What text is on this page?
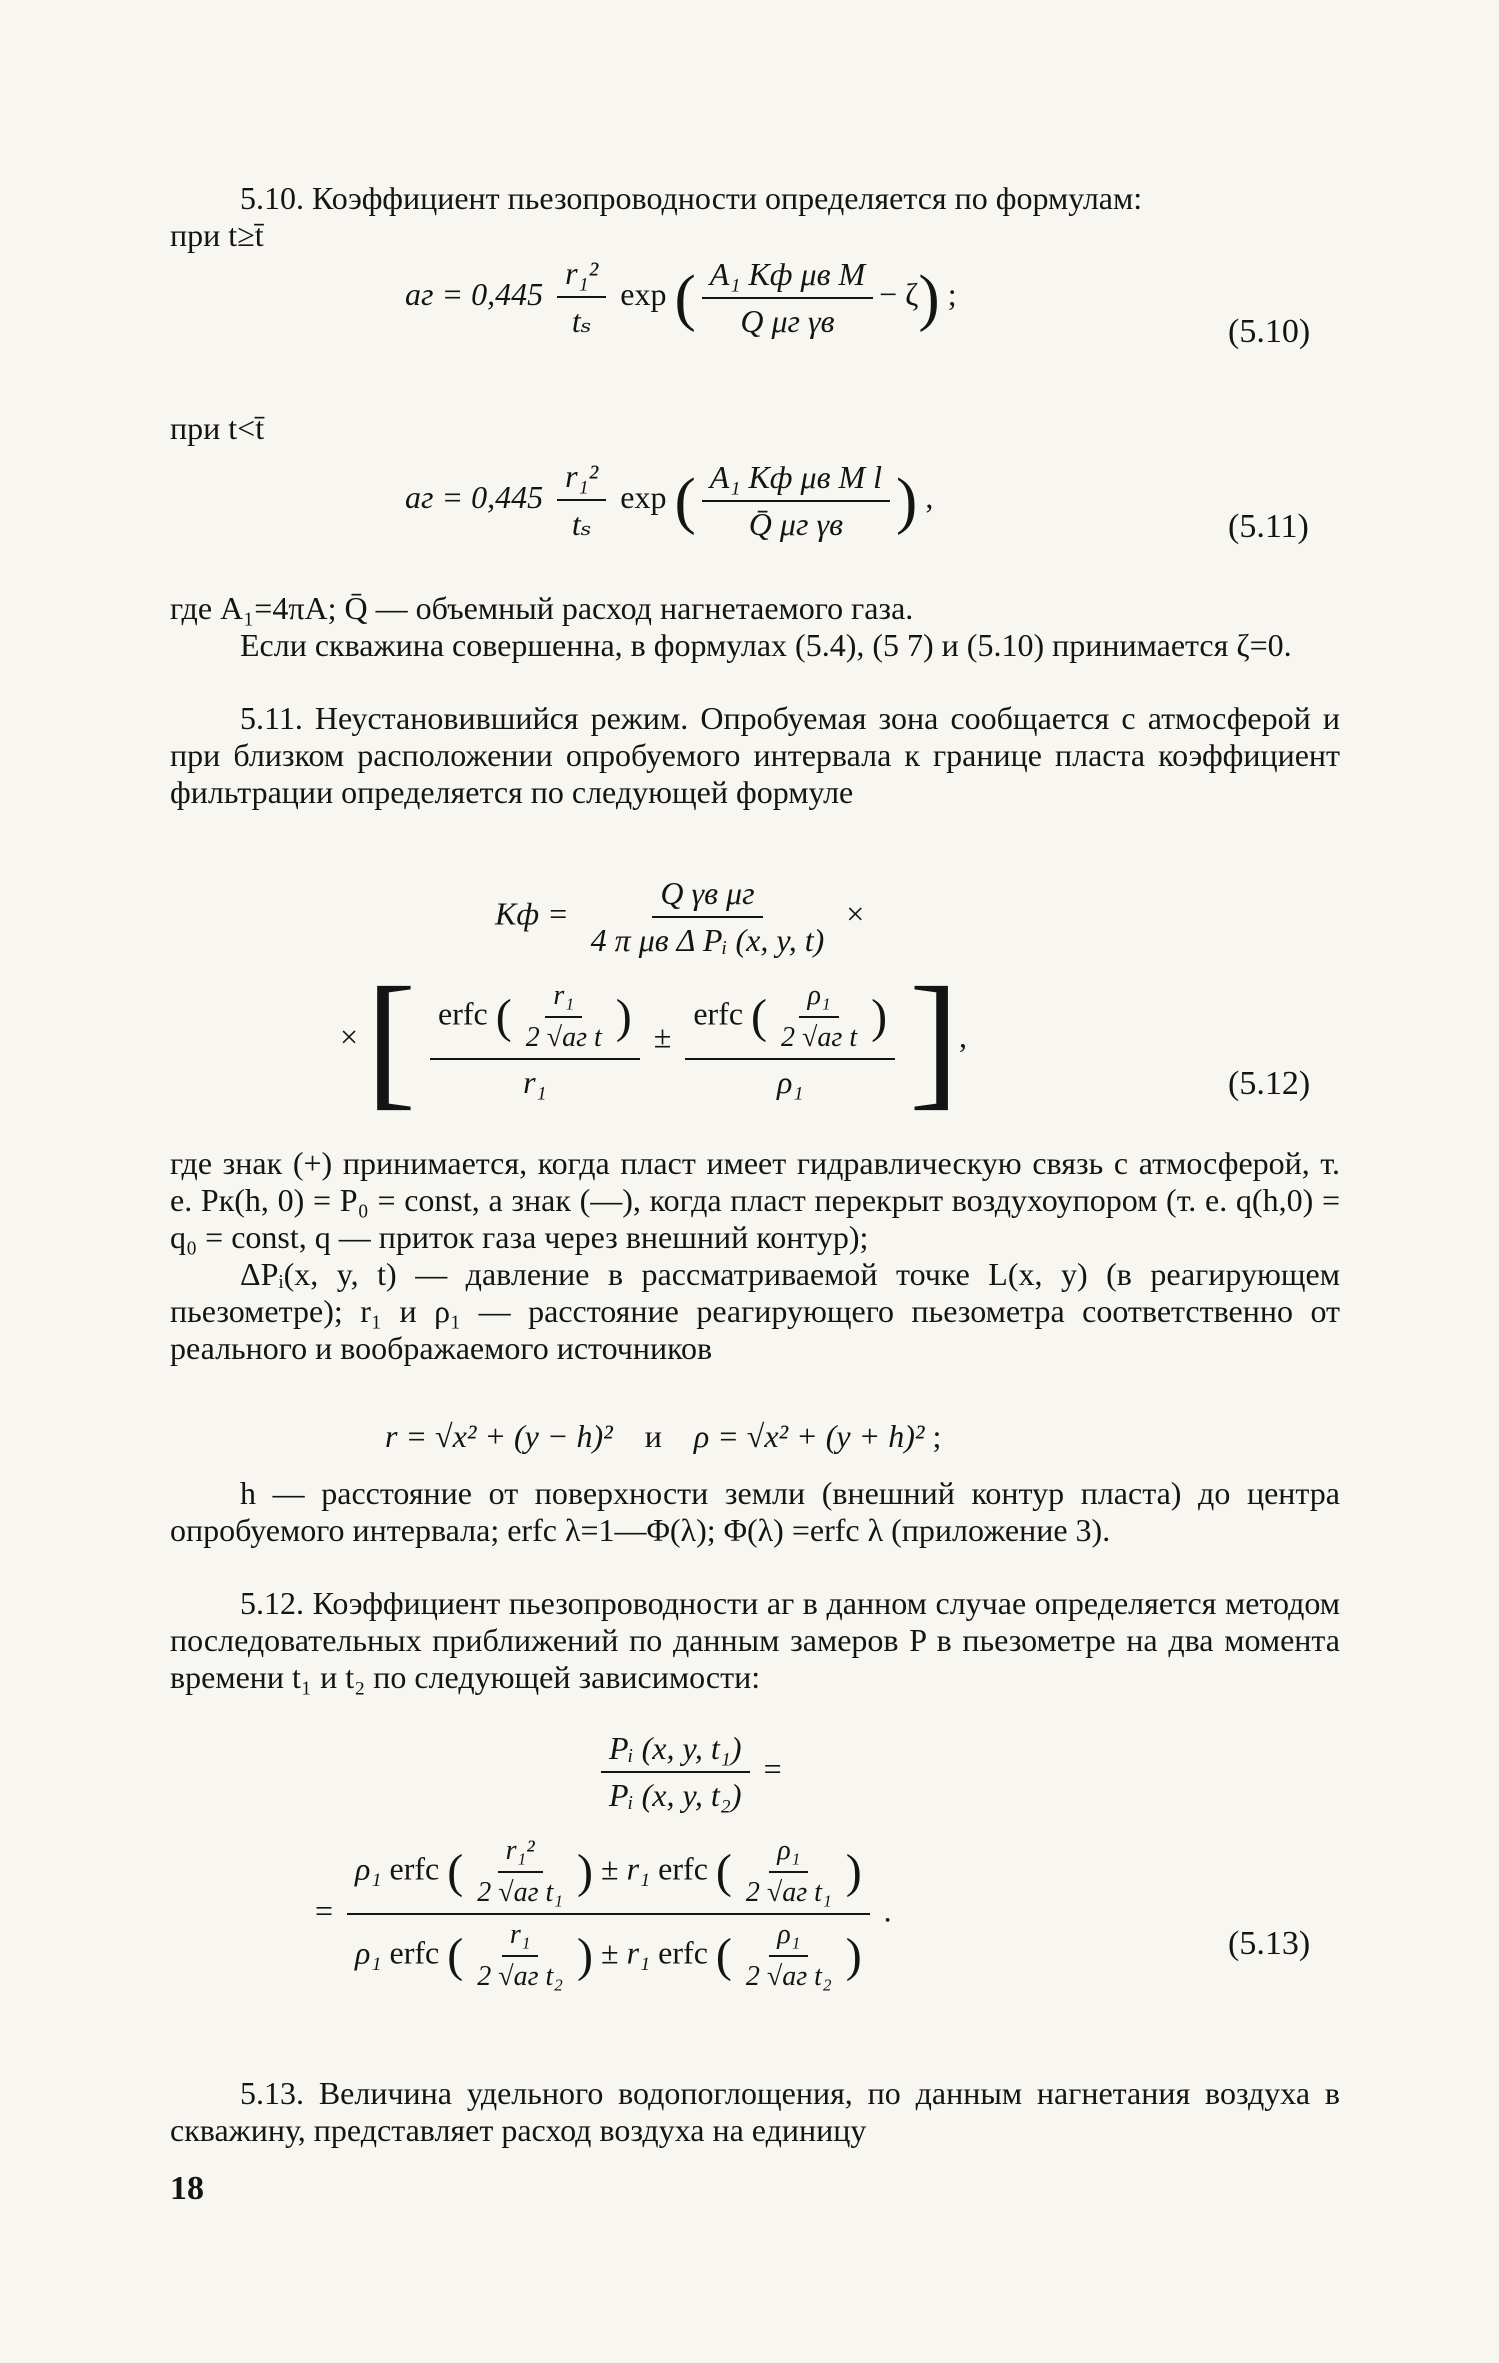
5.10. Коэффициент пьезопроводности определяется по формулам:

при t≥t̄

aг = $0,445 \frac{\text{r₁²}}{\text{tₛ}}$ exp ( $\frac{\text{A₁ Kф μв M}}{\text{Q μг γв}} - \zeta$) ;
(5.10)
при t<t̄
aг = $0,445 \frac{\text{r₁²}}{\text{tₛ}}$ exp ( $\frac{\text{A₁ Kф μв M l}}{\text{Q̄ μг γв}}$ ) ,
(5.11)

где A₁=4πA; Q̄ — объемный расход нагнетаемого газа.

Если скважина совершенна, в формулах (5.4), (5 7) и (5.10) принимается ζ=0.

5.11. Неустановившийся режим. Опробуемая зона сообщается с атмосферой и при близком расположении опробуемого интервала к границе пласта коэффициент фильтрации определяется по следующей формуле

Kф = $\frac{\text{Q γв μг}}{\text{4 π μв Δ Pᵢ (x, y, t)}}$ ×
× [ $\frac{erfc ( \frac{\text{r₁}}{\text{2 √aг t}} )}{\text{r₁}} \pm \frac{erfc ( \frac{\text{ρ₁}}{\text{2 √aг t}} )}{\text{ρ₁}}$ ],
(5.12)

где знак (+) принимается, когда пласт имеет гидравлическую связь с атмосферой, т. е. Pк(h, 0) = P₀ = const, а знак (—), когда пласт перекрыт воздухоупором (т. е. q(h,0) = q₀ = const, q — приток газа через внешний контур);

ΔPᵢ(x, y, t) — давление в рассматриваемой точке L(x, y) (в реагирующем пьезометре); r₁ и ρ₁ — расстояние реагирующего пьезометра соответственно от реального и воображаемого источников

r = √x² + (y − h)² и ρ = √x² + (y + h)² ;

h — расстояние от поверхности земли (внешний контур пласта) до центра опробуемого интервала; erfc λ=1—Φ(λ); Φ(λ) =erfc λ (приложение 3).

5.12. Коэффициент пьезопроводности aг в данном случае определяется методом последовательных приближений по данным замеров P в пьезометре на два момента времени t₁ и t₂ по следующей зависимости:

$\frac{\text{Pᵢ (x, y, t₁)}}{\text{Pᵢ (x, y, t₂)}}$ =
=
ρ₁ erfc ( $\frac{\text{r₁²}}{\text{2 √aг t₁}}$ ) ± r₁ erfc ( $\frac{\text{ρ₁}}{\text{2 √aг t₁}}$ )
ρ₁ erfc ( $\frac{\text{r₁}}{\text{2 √aг t₂}}$ ) ± r₁ erfc ( $\frac{\text{ρ₁}}{\text{2 √aг t₂}}$ )
.
(5.13)

5.13. Величина удельного водопоглощения, по данным нагнетания воздуха в скважину, представляет расход воздуха на единицу

18
